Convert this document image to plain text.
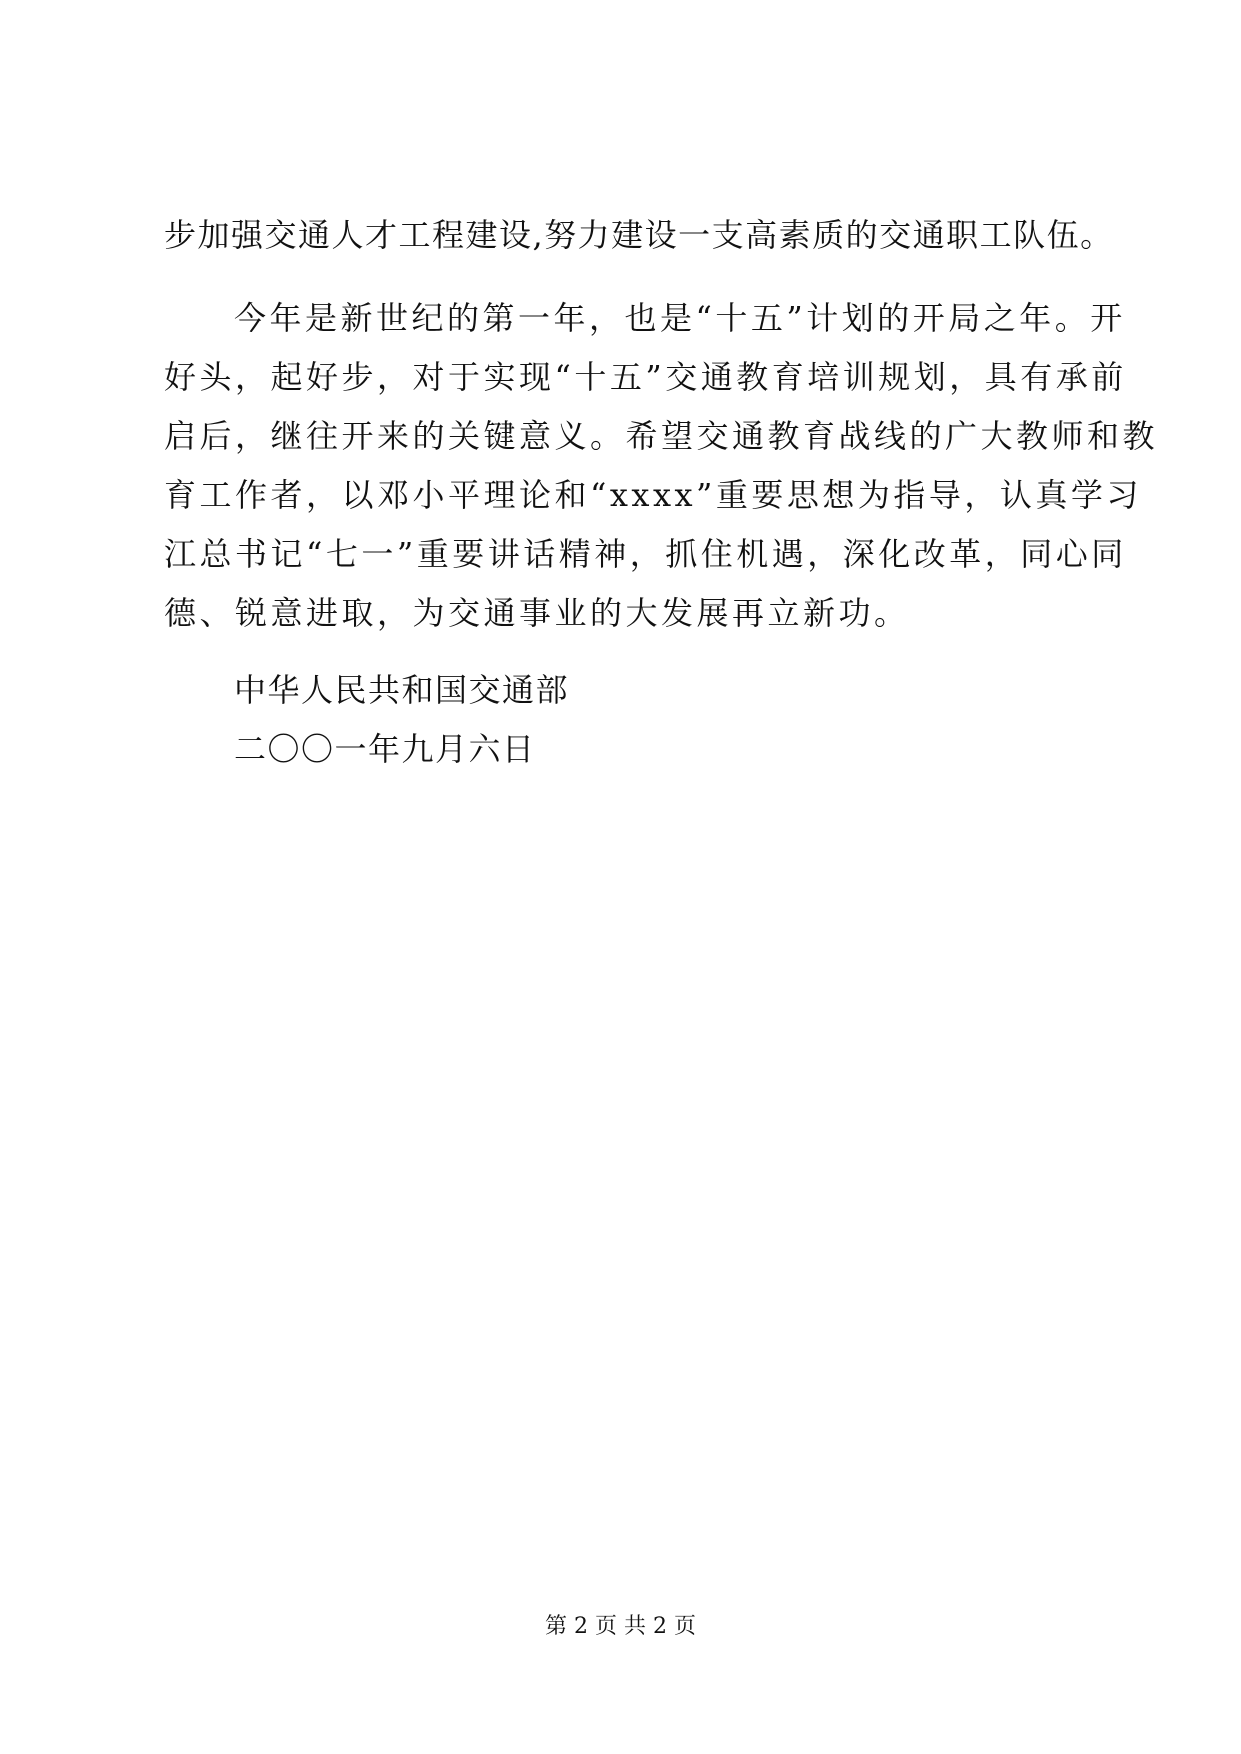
步加强交通人才工程建设,努力建设一支高素质的交通职工队伍。
今年是新世纪的第一年，也是“十五”计划的开局之年。开
好头，起好步，对于实现“十五”交通教育培训规划，具有承前
启后，继往开来的关键意义。希望交通教育战线的广大教师和教
育工作者，以邓小平理论和“xxxx”重要思想为指导，认真学习
江总书记“七一”重要讲话精神，抓住机遇，深化改革，同心同
德、锐意进取，为交通事业的大发展再立新功。
中华人民共和国交通部
二〇〇一年九月六日
第 2 页 共 2 页
